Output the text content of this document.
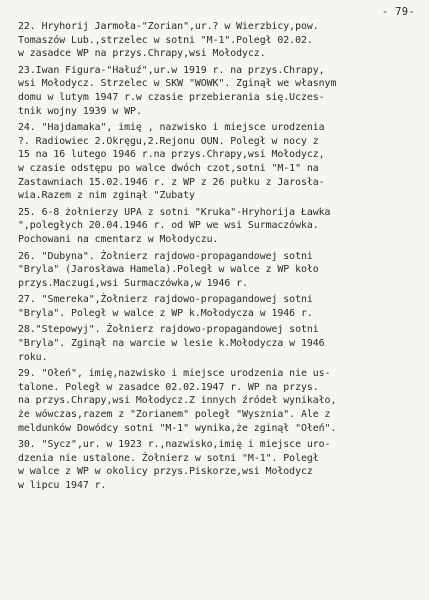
- 79-
22. Hryhorij Jarmoła-"Zorian",ur.? w Wierzbicy,pow.
Tomaszów Lub.,strzelec w sotni "M-1".Poległ 02.02.
w zasadce WP na przys.Chrapy,wsi Mołodycz.
23.Iwan Figura-"Hałuź",ur.w 1919 r. na przys.Chrapy,
wsi Mołodycz. Strzelec w SKW "WOWK". Zginął we własnym
domu w lutym 1947 r.w czasie przebierania się.Uczes-
tnik wojny 1939 w WP.
24. "Hajdamaka", imię , nazwisko i miejsce urodzenia
?. Radiowiec 2.Okręgu,2.Rejonu OUN. Poległ w nocy z
15 na 16 lutego 1946 r.na przys.Chrapy,wsi Mołodycz,
w czasie odstępu po walce dwóch czot,sotni "M-1" na
Zastawniach 15.02.1946 r. z WP z 26 pułku z Jarosła-
wia.Razem z nim zginął "Zubaty
25. 6-8 żołnierzy UPA z sotni "Kruka"-Hryhorija Ławka
",poległych 20.04.1946 r. od WP we wsi Surmaczówka.
Pochowani na cmentarz w Mołodyczu.
26. "Dubyna". Żołnierz rajdowo-propagandowej sotni
"Bryla" (Jarosława Hamela).Poległ w walce z WP koło
przys.Maczugi,wsi Surmaczówka,w 1946 r.
27. "Smereka",Żołnierz rajdowo-propagandowej sotni
"Bryla". Poległ w walce z WP k.Mołodycza w 1946 r.
28."Stepowyj". Żołnierz rajdowo-propagandowej sotni
"Bryla". Zginął na warcie w lesie k.Mołodycza w 1946
roku.
29. "Ołeń", imię,nazwisko i miejsce urodzenia nie us-
talone. Poległ w zasadce 02.02.1947 r. WP na przys.
na przys.Chrapy,wsi Mołodycz.Z innych źródeł wynikało,
że wówczas,razem z "Zorianem" poległ "Wysznia". Ale z
meldunków Dowódcy sotni "M-1" wynika,że zginął "Ołeń".
30. "Sycz",ur. w 1923 r.,nazwisko,imię i miejsce uro-
dzenia nie ustalone. Żołnierz w sotni "M-1". Poległ
w walce z WP w okolicy przys.Piskorze,wsi Mołodycz
w lipcu 1947 r.
